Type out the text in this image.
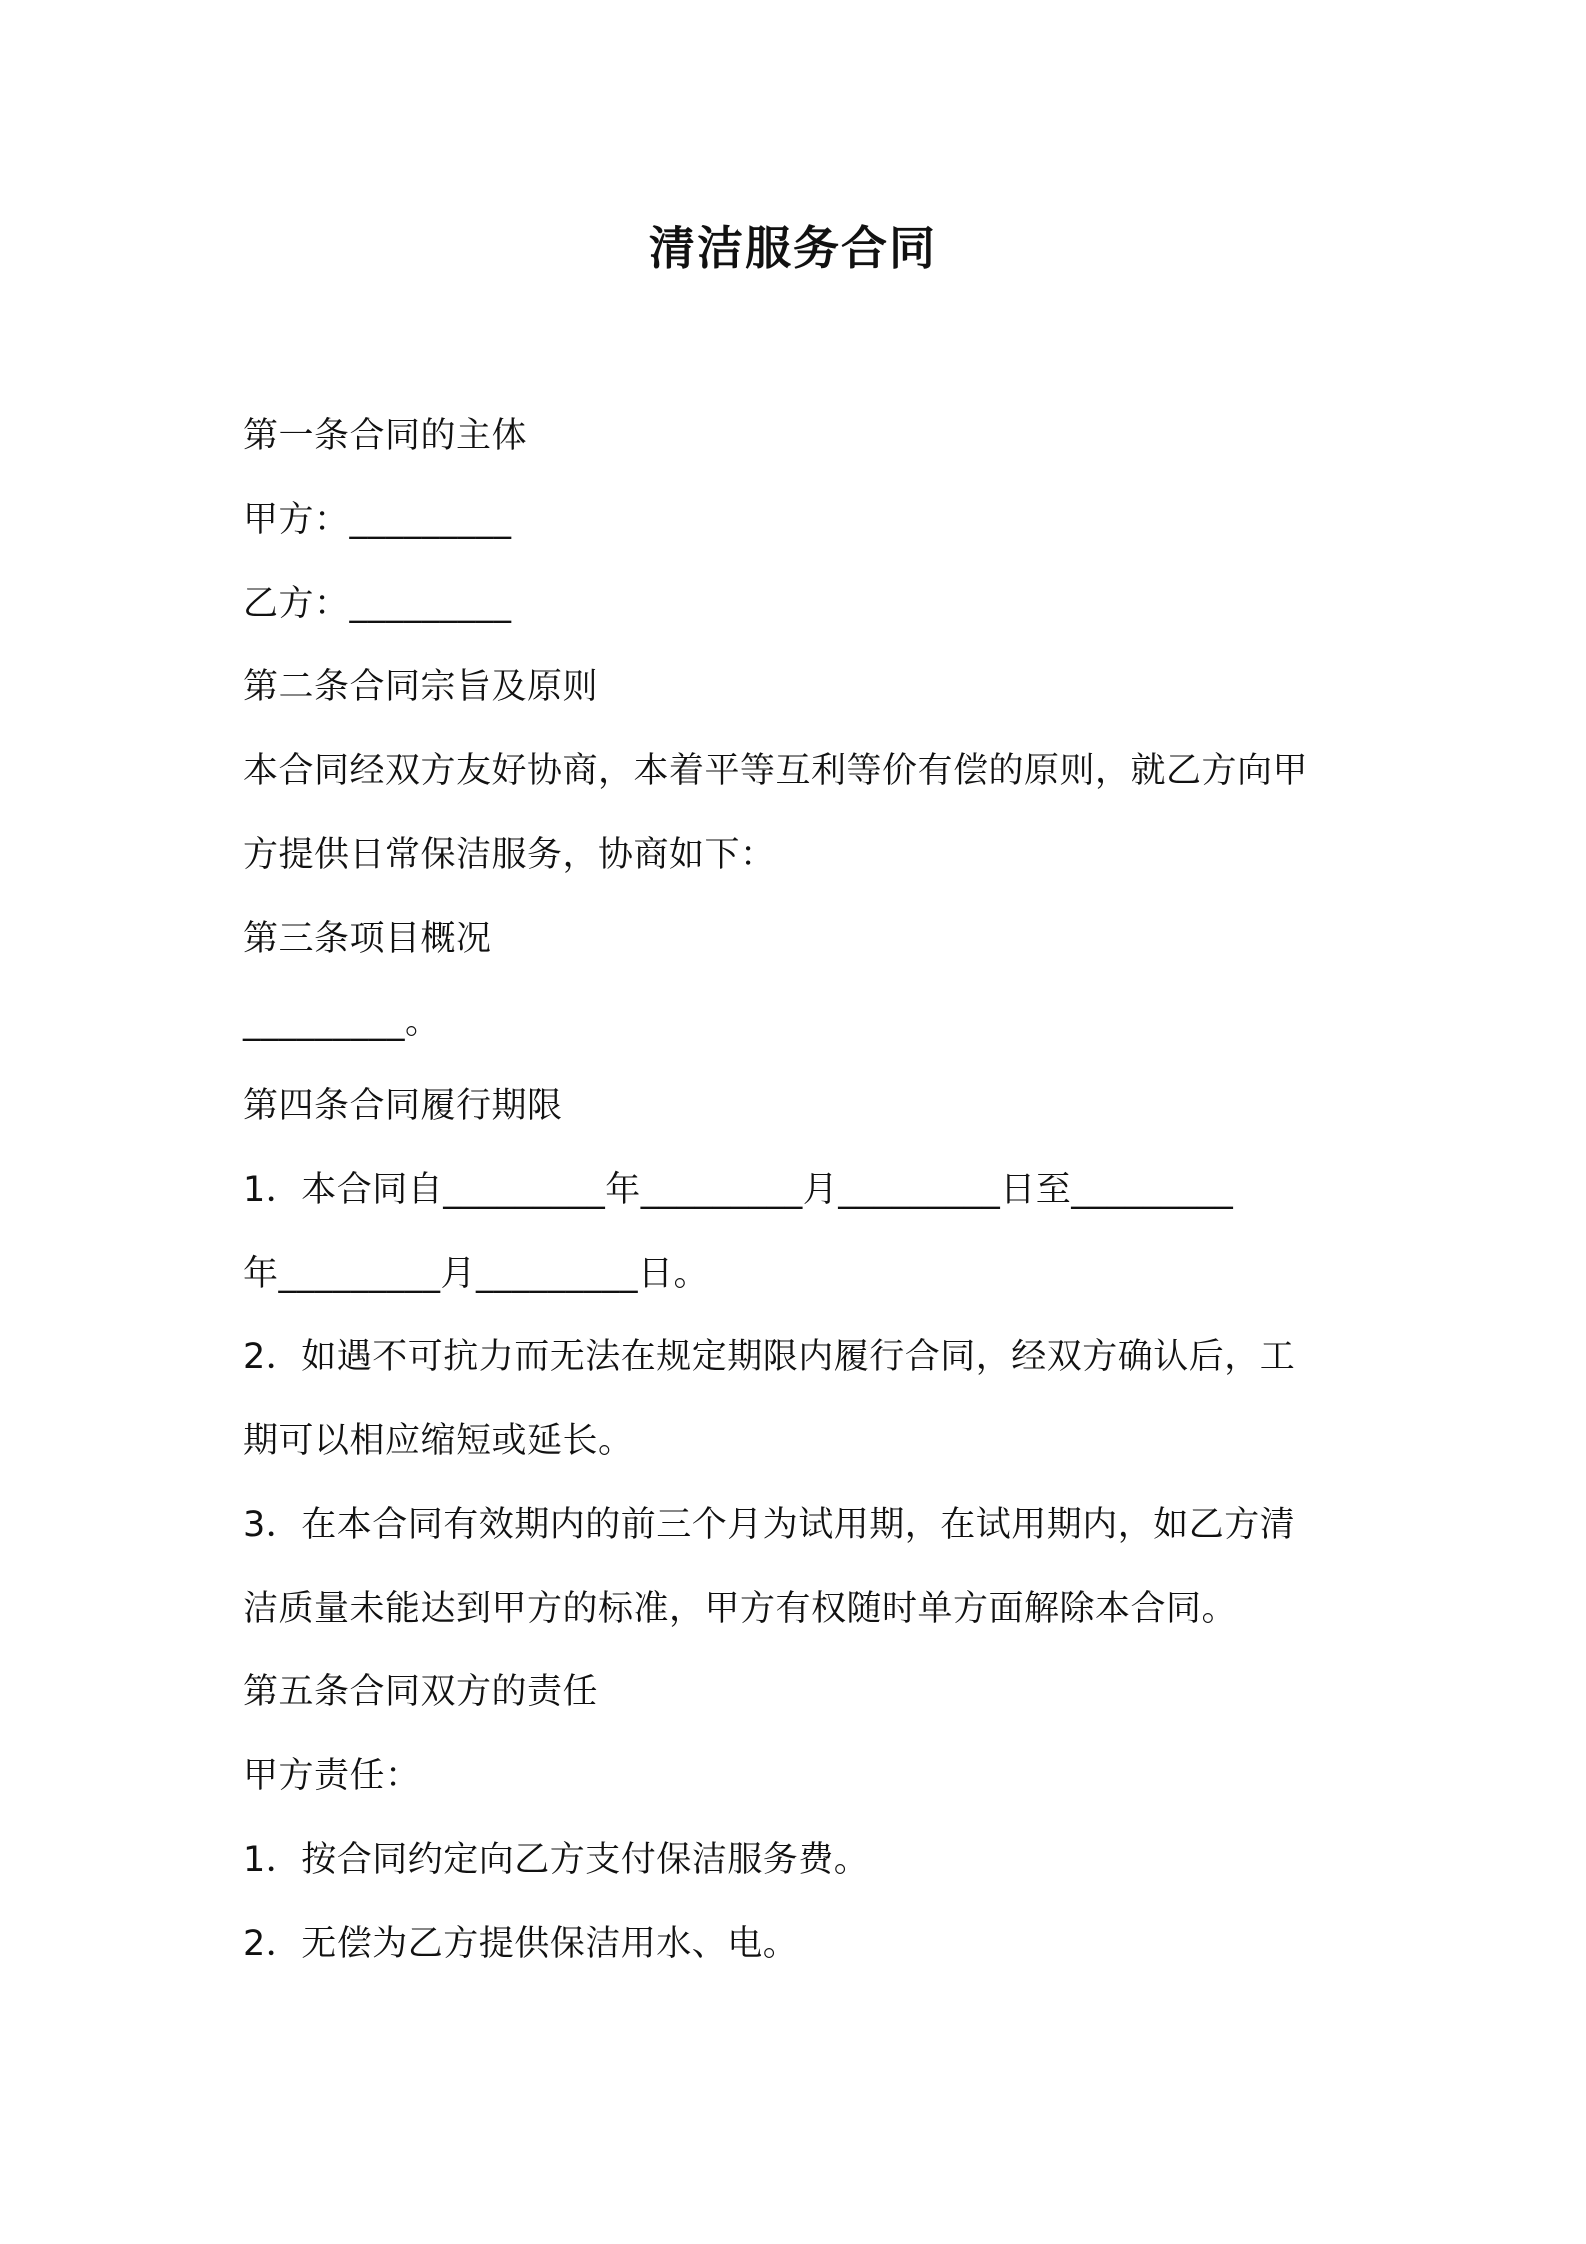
清洁服务合同
第一条合同的主体
甲方：_________
乙方：_________
第二条合同宗旨及原则
本合同经双方友好协商，本着平等互利等价有偿的原则，就乙方向甲
方提供日常保洁服务，协商如下：
第三条项目概况
_________。
第四条合同履行期限
1．本合同自_________年_________月_________日至_________
年_________月_________日。
2．如遇不可抗力而无法在规定期限内履行合同，经双方确认后，工
期可以相应缩短或延长。
3．在本合同有效期内的前三个月为试用期，在试用期内，如乙方清
洁质量未能达到甲方的标准，甲方有权随时单方面解除本合同。
第五条合同双方的责任
甲方责任：
1．按合同约定向乙方支付保洁服务费。
2．无偿为乙方提供保洁用水、电。
